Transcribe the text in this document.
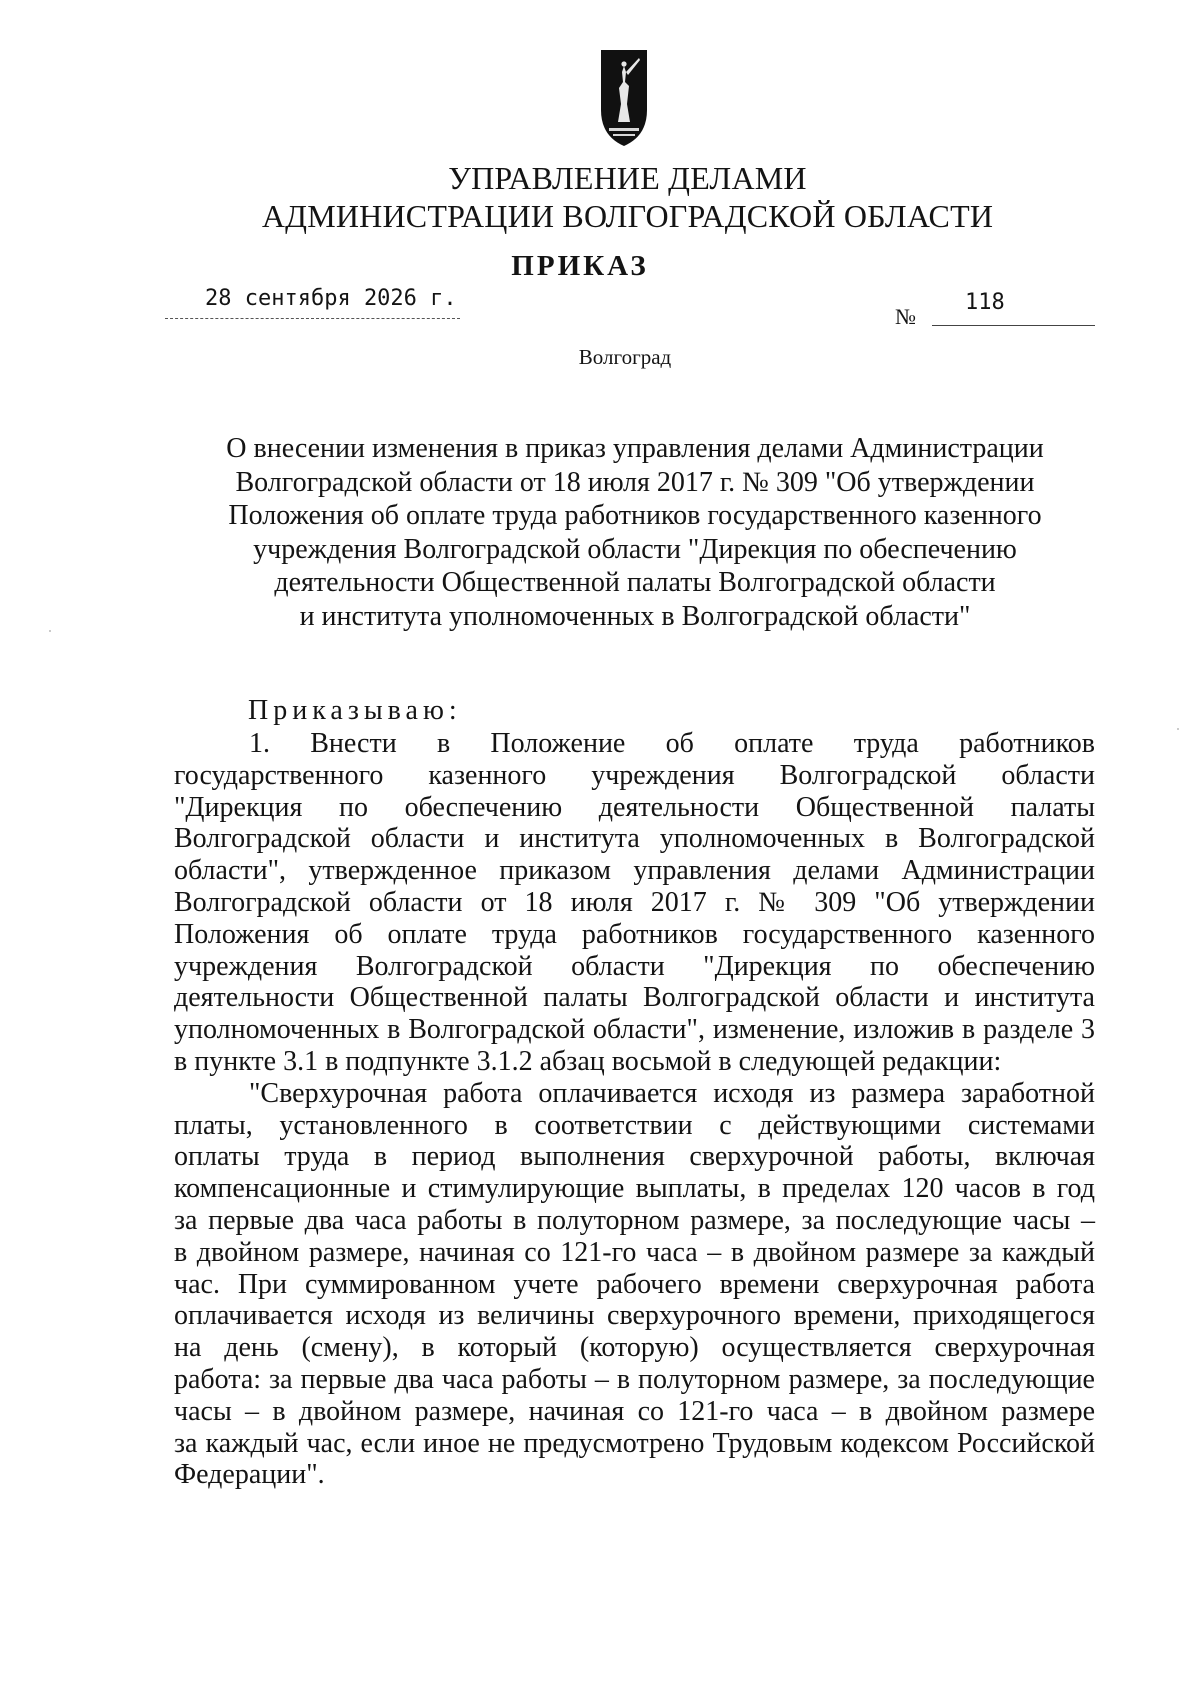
УПРАВЛЕНИЕ ДЕЛАМИ
АДМИНИСТРАЦИИ ВОЛГОГРАДСКОЙ ОБЛАСТИ
ПРИКАЗ
28 сентября 2026 г.
№
118
Волгоград
О внесении изменения в приказ управления делами Администрации
Волгоградской области от 18 июля 2017 г. № 309 "Об утверждении
Положения об оплате труда работников государственного казенного
учреждения Волгоградской области "Дирекция по обеспечению
деятельности Общественной палаты Волгоградской области
и института уполномоченных в Волгоградской области"
Приказываю:
1. Внести в Положение об оплате труда работников
государственного казенного учреждения Волгоградской области
"Дирекция по обеспечению деятельности Общественной палаты
Волгоградской области и института уполномоченных в Волгоградской
области", утвержденное приказом управления делами Администрации
Волгоградской области от 18 июля 2017 г. № 309 "Об утверждении
Положения об оплате труда работников государственного казенного
учреждения Волгоградской области "Дирекция по обеспечению
деятельности Общественной палаты Волгоградской области и института
уполномоченных в Волгоградской области", изменение, изложив в разделе 3
в пункте 3.1 в подпункте 3.1.2 абзац восьмой в следующей редакции:
"Сверхурочная работа оплачивается исходя из размера заработной
платы, установленного в соответствии с действующими системами
оплаты труда в период выполнения сверхурочной работы, включая
компенсационные и стимулирующие выплаты, в пределах 120 часов в год
за первые два часа работы в полуторном размере, за последующие часы –
в двойном размере, начиная со 121-го часа – в двойном размере за каждый
час. При суммированном учете рабочего времени сверхурочная работа
оплачивается исходя из величины сверхурочного времени, приходящегося
на день (смену), в который (которую) осуществляется сверхурочная
работа: за первые два часа работы – в полуторном размере, за последующие
часы – в двойном размере, начиная со 121-го часа – в двойном размере
за каждый час, если иное не предусмотрено Трудовым кодексом Российской
Федерации".
